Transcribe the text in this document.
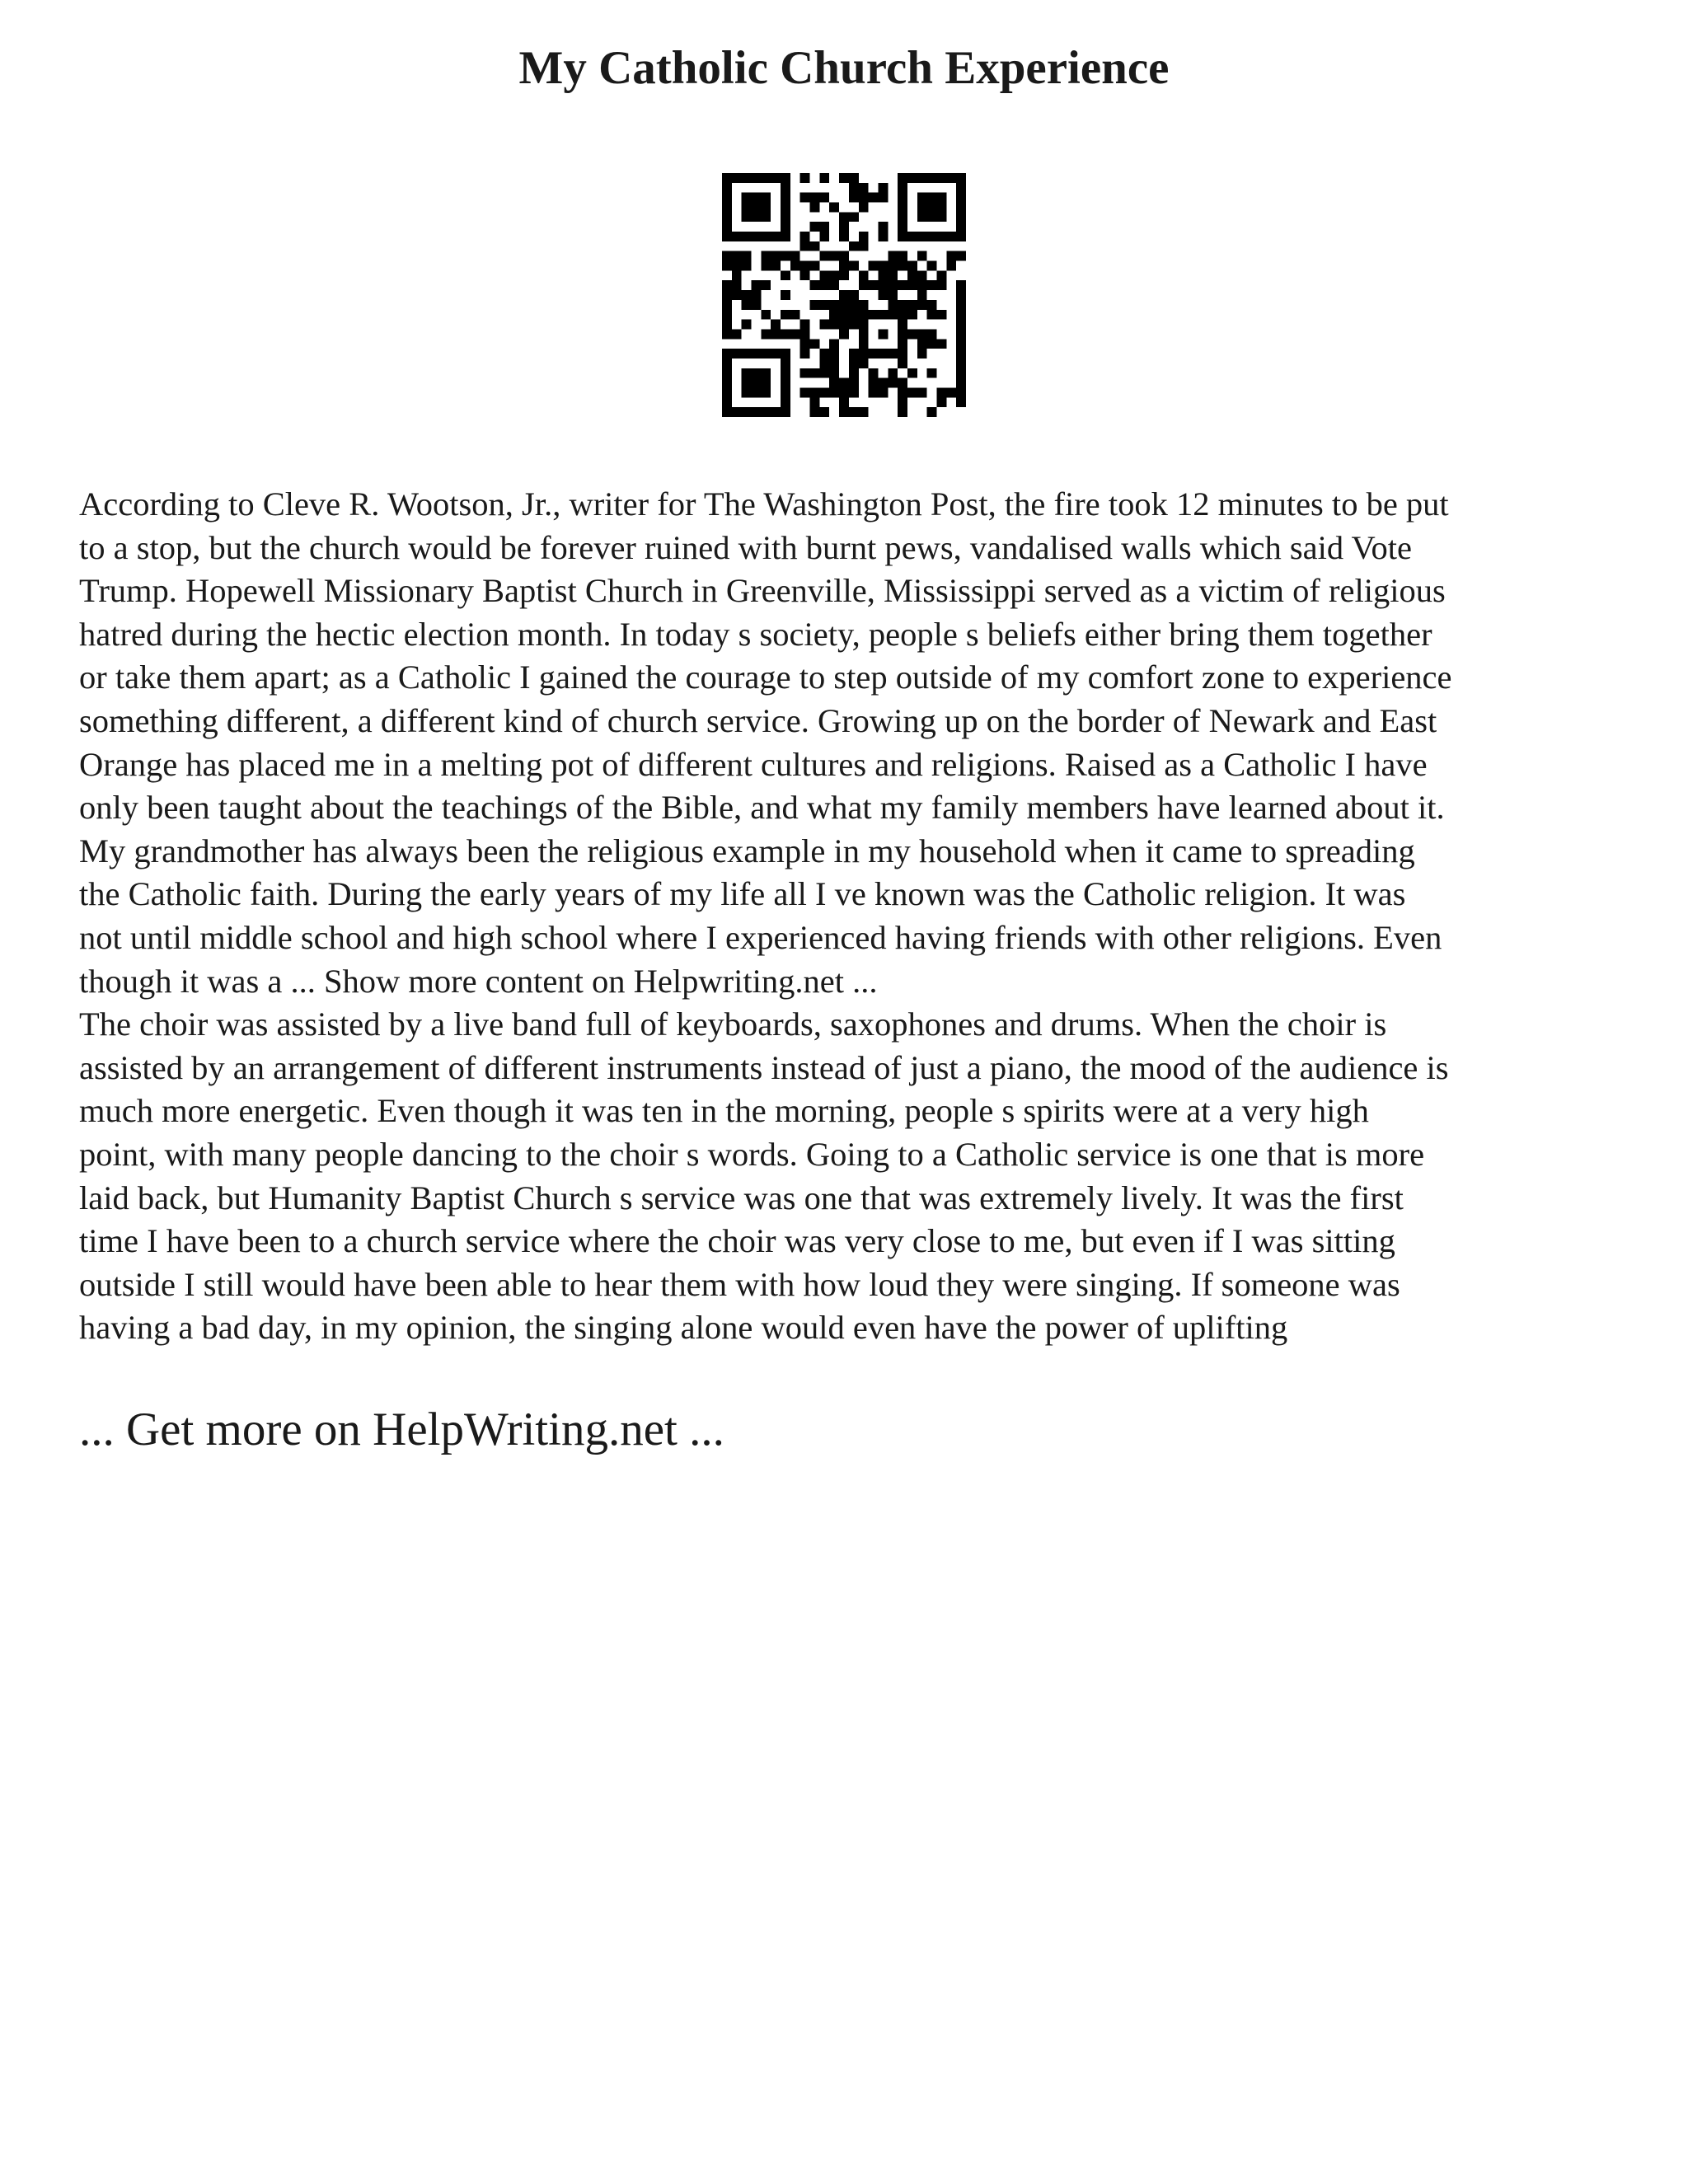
My Catholic Church Experience
According to Cleve R. Wootson, Jr., writer for The Washington Post, the fire took 12 minutes to be put
to a stop, but the church would be forever ruined with burnt pews, vandalised walls which said Vote
Trump. Hopewell Missionary Baptist Church in Greenville, Mississippi served as a victim of religious
hatred during the hectic election month. In today s society, people s beliefs either bring them together
or take them apart; as a Catholic I gained the courage to step outside of my comfort zone to experience
something different, a different kind of church service. Growing up on the border of Newark and East
Orange has placed me in a melting pot of different cultures and religions. Raised as a Catholic I have
only been taught about the teachings of the Bible, and what my family members have learned about it.
My grandmother has always been the religious example in my household when it came to spreading
the Catholic faith. During the early years of my life all I ve known was the Catholic religion. It was
not until middle school and high school where I experienced having friends with other religions. Even
though it was a ... Show more content on Helpwriting.net ...
The choir was assisted by a live band full of keyboards, saxophones and drums. When the choir is
assisted by an arrangement of different instruments instead of just a piano, the mood of the audience is
much more energetic. Even though it was ten in the morning, people s spirits were at a very high
point, with many people dancing to the choir s words. Going to a Catholic service is one that is more
laid back, but Humanity Baptist Church s service was one that was extremely lively. It was the first
time I have been to a church service where the choir was very close to me, but even if I was sitting
outside I still would have been able to hear them with how loud they were singing. If someone was
having a bad day, in my opinion, the singing alone would even have the power of uplifting

... Get more on HelpWriting.net ...
